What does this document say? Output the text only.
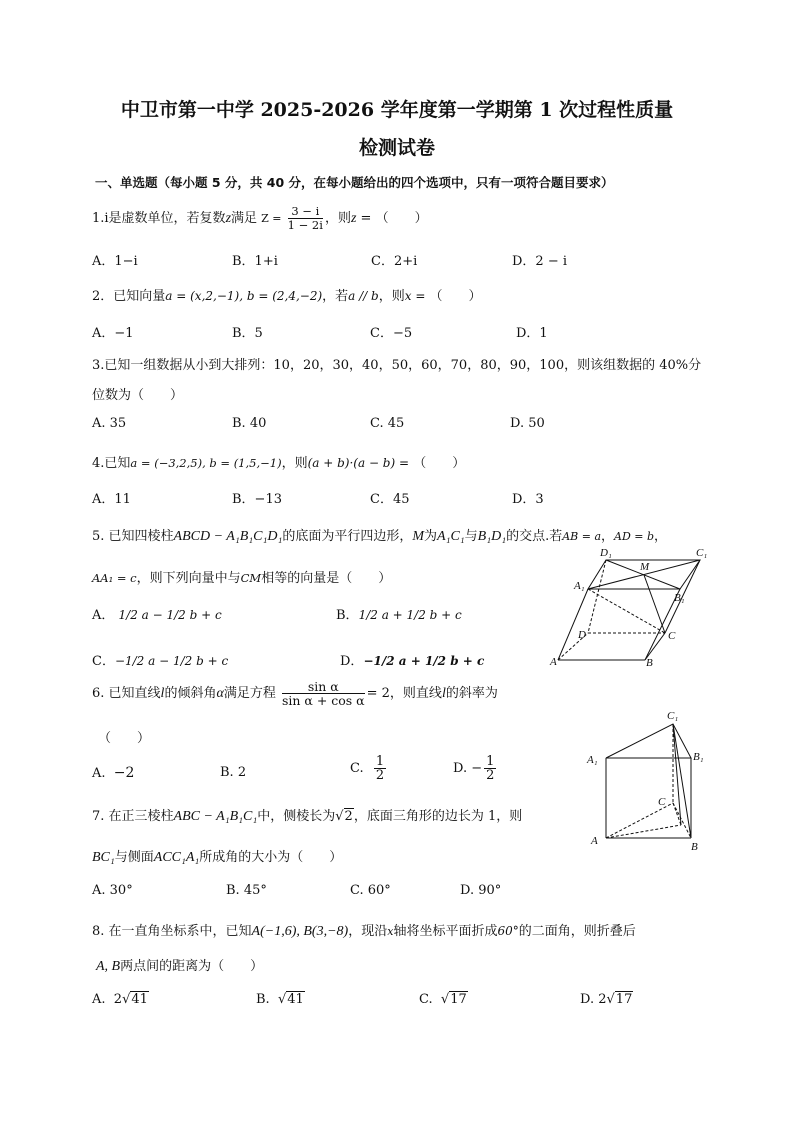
中卫市第一中学 2025-2026 学年度第一学期第 1 次过程性质量
检测试卷
一、单选题（每小题 5 分，共 40 分，在每小题给出的四个选项中，只有一项符合题目要求）
1.i是虚数单位，若复数z满足 $Z = \frac{3 - i}{1 - 2i}$ ，则z = （　　）
A．1−i	B．1+i	C．2+i	D．2 − i
2．已知向量a = (x,2,−1), b = (2,4,−2)，若a // b，则x = （　　）
A．−1	B．5	C．−5	D．1
3.已知一组数据从小到大排列：10，20，30，40，50，60，70，80，90，100，则该组数据的 40%分
位数为（　　）
A. 35	B. 40	C. 45	D. 50
4.已知a = (−3,2,5), b = (1,5,−1)，则(a + b)·(a − b) = （　　）
A．11	B．−13	C．45	D．3
5. 已知四棱柱ABCD − A₁B₁C₁D₁的底面为平行四边形，M为A₁C₁与B₁D₁的交点.若AB = a，AD = b，
AA₁ = c，则下列向量中与CM相等的向量是（　　）
A． 1/2 a − 1/2 b + c	B．1/2 a + 1/2 b + c
C．−1/2 a − 1/2 b + c	D．−1/2 a + 1/2 b + c
D₁	C₁
M
A₁
B₁
D	C
A	B
6. 已知直线l的倾斜角α满足方程 $\frac{\text{sin α}}{\text{sin α + cos α}} = 2$，则直线l的斜率为
（　　）
A. −2	B. 2	C. $\frac{1}{2}$	D. − $\frac{1}{2}$
C₁
A₁	B₁
C
A	B
7. 在正三棱柱ABC − A₁B₁C₁中，侧棱长为√2，底面三角形的边长为 1，则
BC₁与侧面ACC₁A₁所成角的大小为（　　）
A. 30°	B. 45°	C. 60°	D. 90°
8. 在一直角坐标系中，已知A(−1,6), B(3,−8)，现沿x轴将坐标平面折成60°的二面角，则折叠后
A, B两点间的距离为（　　）
A. 2√41	B.  √41	C.  √17	D. 2√17
